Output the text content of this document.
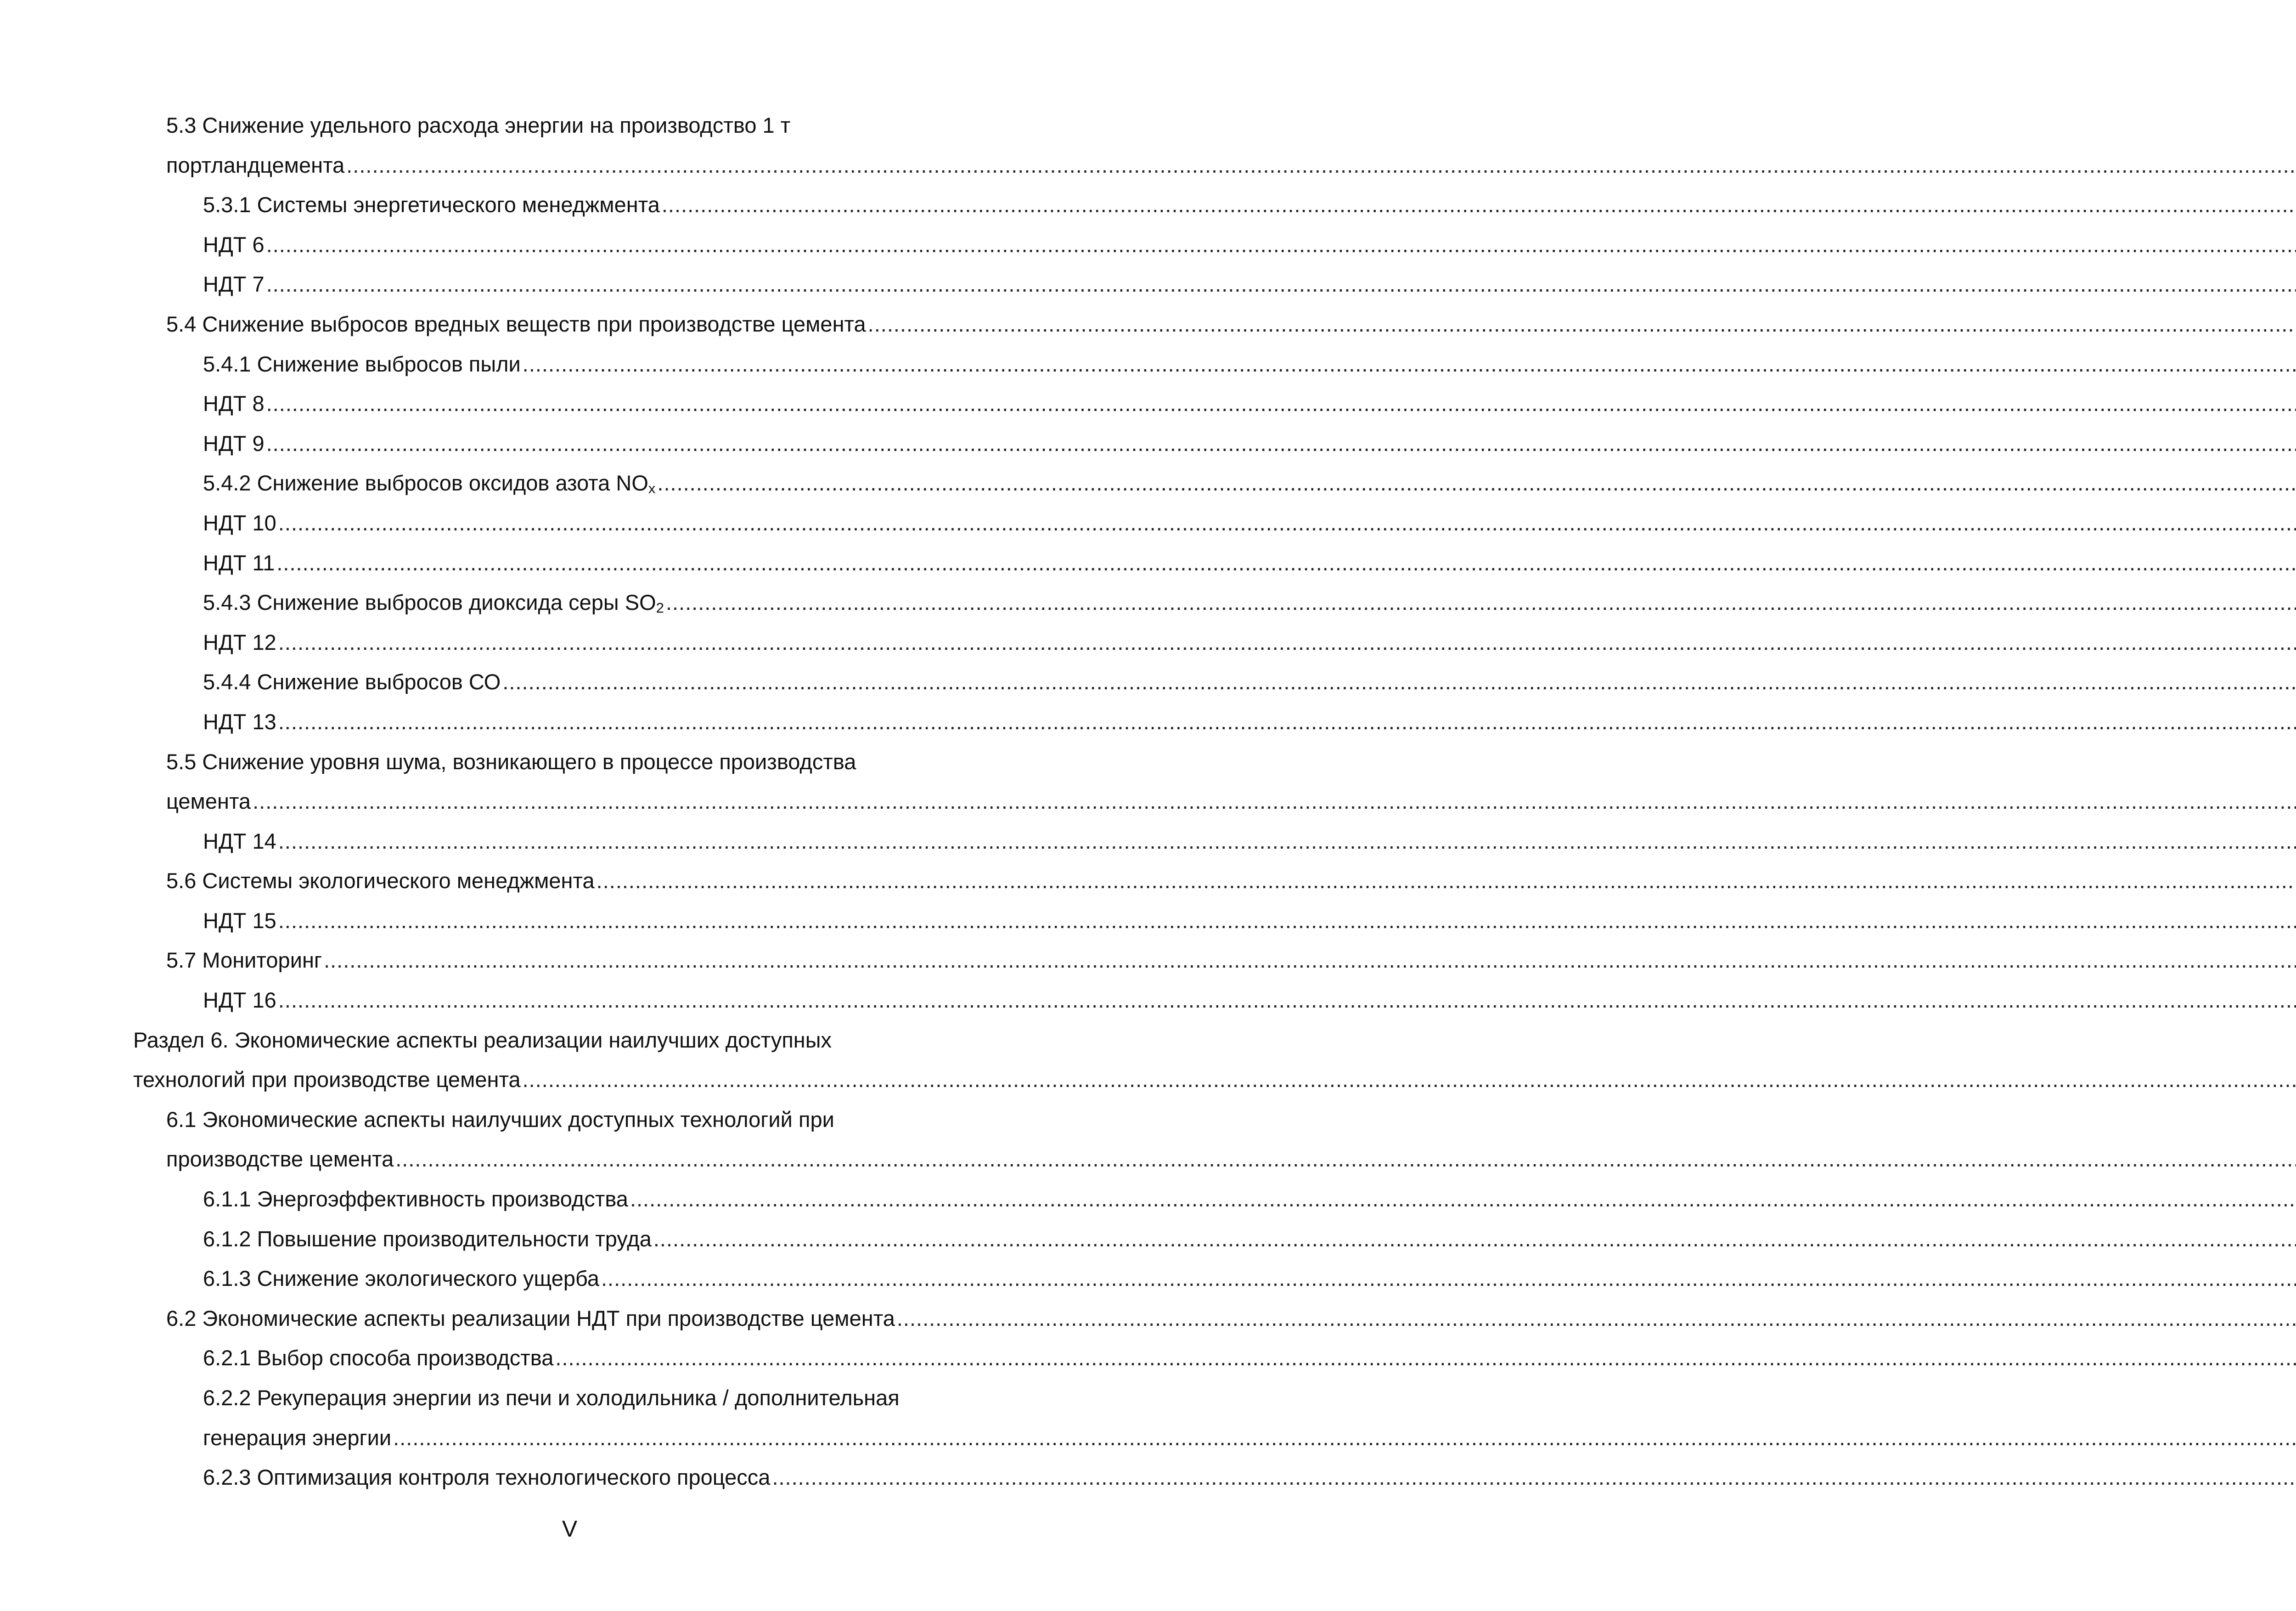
5.3 Снижение удельного расхода энергии на производство 1 т
портландцемента
.....
5.3.1 Системы энергетического менеджмента
.....
НДТ 6
.....
НДТ 7
.....
5.4 Снижение выбросов вредных веществ при производстве цемента
.....
5.4.1 Снижение выбросов пыли
.....
НДТ 8
.....
НДТ 9
.....
5.4.2 Снижение выбросов оксидов азота $NO_x$
.....
НДТ 10
.....
НДТ 11
.....
5.4.3 Снижение выбросов диоксида серы $SO_2$
.....
НДТ 12
.....
5.4.4 Снижение выбросов СО
.....
НДТ 13
.....
5.5 Снижение уровня шума, возникающего в процессе производства
цемента
.....
НДТ 14
.....
5.6 Системы экологического менеджмента
.....
НДТ 15
.....
5.7 Мониторинг
.....
НДТ 16
.....
Раздел 6. Экономические аспекты реализации наилучших доступных
технологий при производстве цемента
.....
6.1 Экономические аспекты наилучших доступных технологий при
производстве цемента
.....
6.1.1 Энергоэффективность производства
.....
6.1.2 Повышение производительности труда
.....
6.1.3 Снижение экологического ущерба
.....
6.2 Экономические аспекты реализации НДТ при производстве цемента
.....
6.2.1 Выбор способа производства
.....
6.2.2 Рекуперация энергии из печи и холодильника / дополнительная
генерация энергии
.....
6.2.3 Оптимизация контроля технологического процесса
.....
V
